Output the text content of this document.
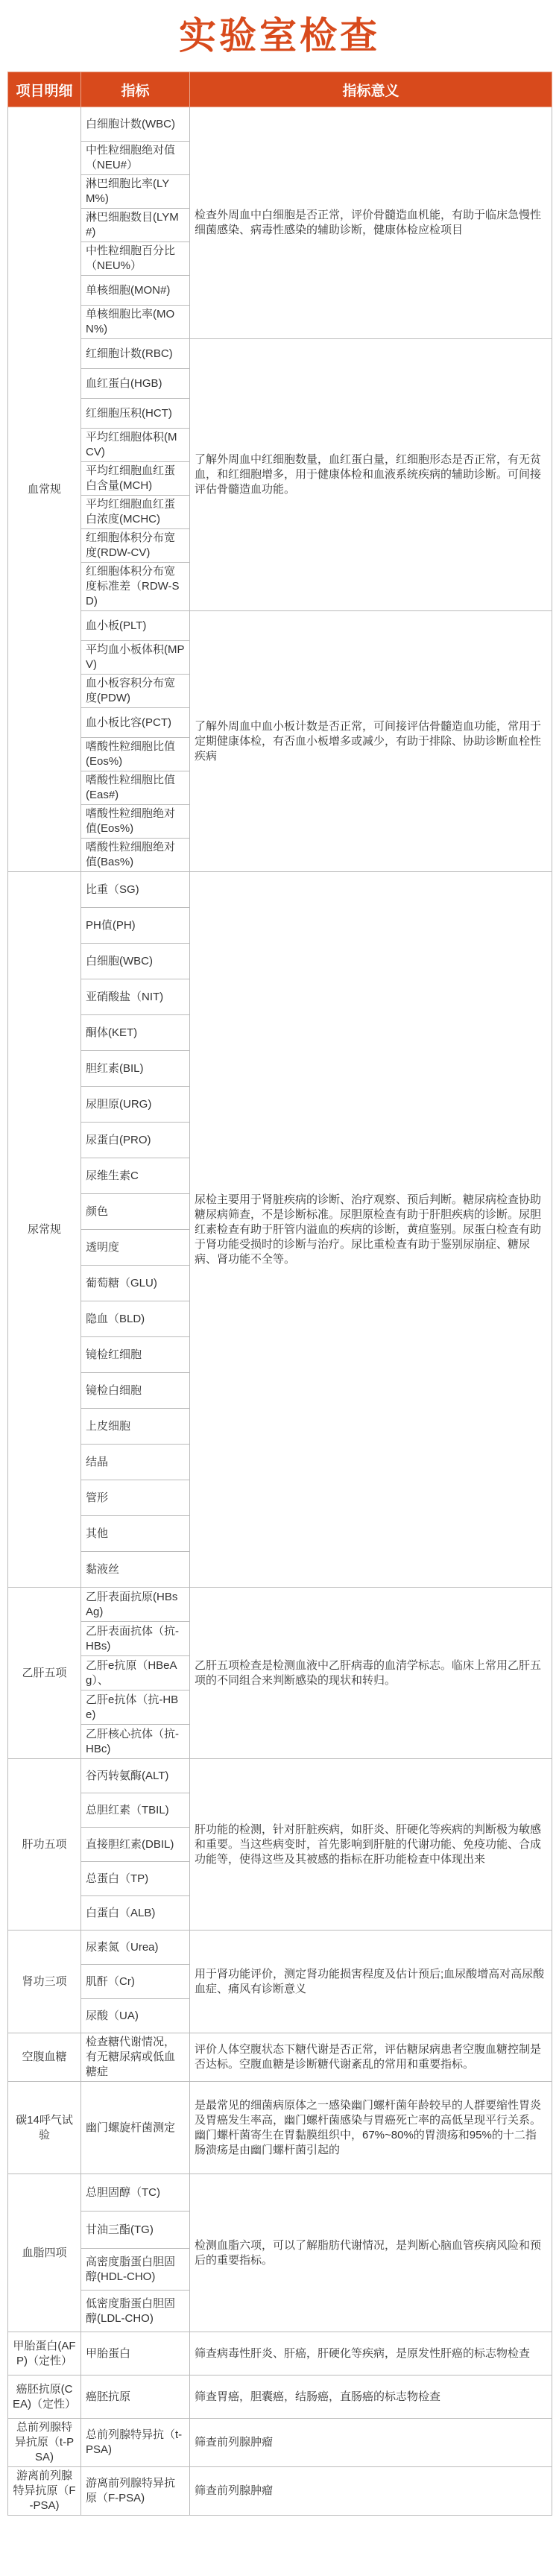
实验室检查
项目明细	指标	指标意义
血常规	白细胞计数(WBC)	检查外周血中白细胞是否正常，评价骨髓造血机能，有助于临床急慢性细菌感染、病毒性感染的辅助诊断，健康体检应检项目
	中性粒细胞绝对值（NEU#）	
	淋巴细胞比率(LYM%)	
	淋巴细胞数目(LYM#)	
	中性粒细胞百分比（NEU%）	
	单核细胞(MON#)	
	单核细胞比率(MON%)	
	红细胞计数(RBC)	了解外周血中红细胞数量，血红蛋白量，红细胞形态是否正常，有无贫血，和红细胞增多，用于健康体检和血液系统疾病的辅助诊断。可间接评估骨髓造血功能。
	血红蛋白(HGB)	
	红细胞压积(HCT)	
	平均红细胞体积(MCV)	
	平均红细胞血红蛋白含量(MCH)	
	平均红细胞血红蛋白浓度(MCHC)	
	红细胞体积分布宽度(RDW-CV)	
	红细胞体积分布宽度标准差（RDW-SD)	
	血小板(PLT)	了解外周血中血小板计数是否正常，可间接评估骨髓造血功能，常用于定期健康体检，有否血小板增多或减少，有助于排除、协助诊断血栓性疾病
	平均血小板体积(MPV)	
	血小板容积分布宽度(PDW)	
	血小板比容(PCT)	
	嗜酸性粒细胞比值(Eos%)	
	嗜酸性粒细胞比值(Eas#)	
	嗜酸性粒细胞绝对值(Eos%)	
	嗜酸性粒细胞绝对值(Bas%)	
尿常规	比重（SG)	尿检主要用于肾脏疾病的诊断、治疗观察、预后判断。糖尿病检查协助糖尿病筛查，不是诊断标准。尿胆原检查有助于肝胆疾病的诊断。尿胆红素检查有助于肝管内溢血的疾病的诊断，黄疸鉴别。尿蛋白检查有助于肾功能受损时的诊断与治疗。尿比重检查有助于鉴别尿崩症、糖尿病、肾功能不全等。
	PH值(PH)	
	白细胞(WBC)	
	亚硝酸盐（NIT)	
	酮体(KET)	
	胆红素(BIL)	
	尿胆原(URG)	
	尿蛋白(PRO)	
	尿维生素C	
	颜色	
	透明度	
	葡萄糖（GLU)	
	隐血（BLD)	
	镜检红细胞	
	镜检白细胞	
	上皮细胞	
	结晶	
	管形	
	其他	
	黏液丝	
乙肝五项	乙肝表面抗原(HBsAg)	乙肝五项检查是检测血液中乙肝病毒的血清学标志。临床上常用乙肝五项的不同组合来判断感染的现状和转归。
	乙肝表面抗体（抗-HBs)	
	乙肝e抗原（HBeAg）、	
	乙肝e抗体（抗-HBe)	
	乙肝核心抗体（抗-HBc)	
肝功五项	谷丙转氨酶(ALT)	肝功能的检测，针对肝脏疾病，如肝炎、肝硬化等疾病的判断极为敏感和重要。当这些病变时，首先影响到肝脏的代谢功能、免疫功能、合成功能等，使得这些及其被感的指标在肝功能检查中体现出来
	总胆红素（TBIL)	
	直接胆红素(DBIL)	
	总蛋白（TP)	
	白蛋白（ALB)	
肾功三项	尿素氮（Urea)	用于肾功能评价，测定肾功能损害程度及估计预后;血尿酸增高对高尿酸血症、痛风有诊断意义
	肌酐（Cr)	
	尿酸（UA)	
空腹血糖	检查糖代谢情况，有无糖尿病或低血糖症	评价人体空腹状态下糖代谢是否正常，评估糖尿病患者空腹血糖控制是否达标。空腹血糖是诊断糖代谢紊乱的常用和重要指标。
碳14呼气试验	幽门螺旋杆菌测定	是最常见的细菌病原体之一感染幽门螺杆菌年龄较早的人群要缩性胃炎及胃癌发生率高，幽门螺杆菌感染与胃癌死亡率的高低呈现平行关系。幽门螺杆菌寄生在胃黏膜组织中，67%~80%的胃溃疡和95%的十二指肠溃疡是由幽门螺杆菌引起的
血脂四项	总胆固醇（TC)	检测血脂六项，可以了解脂肪代谢情况，是判断心脑血管疾病风险和预后的重要指标。
	甘油三酯(TG)	
	高密度脂蛋白胆固醇(HDL-CHO)	
	低密度脂蛋白胆固醇(LDL-CHO)	
甲胎蛋白(AFP)（定性）	甲胎蛋白	筛查病毒性肝炎、肝癌，肝硬化等疾病，是原发性肝癌的标志物检查
癌胚抗原(CEA)（定性）	癌胚抗原	筛查胃癌，胆囊癌，结肠癌，直肠癌的标志物检查
总前列腺特异抗原（t-PSA)	总前列腺特异抗（t-PSA)	筛查前列腺肿瘤
游离前列腺特异抗原（F-PSA)	游离前列腺特异抗原（F-PSA)	筛查前列腺肿瘤
